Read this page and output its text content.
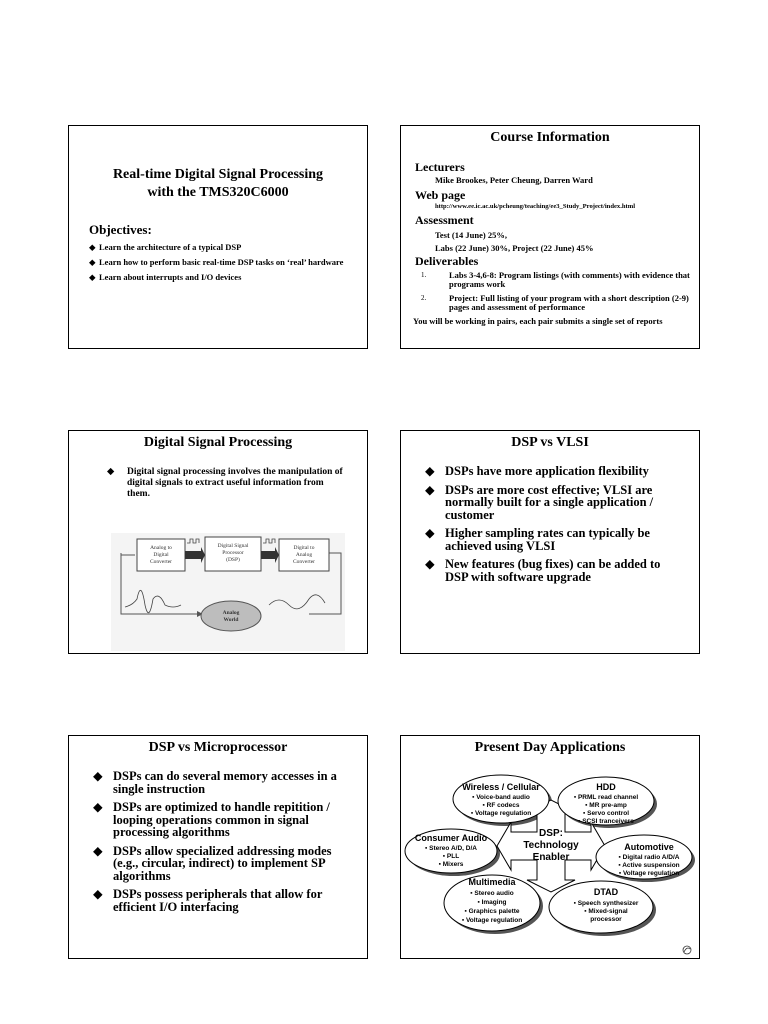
Real-time Digital Signal Processing
with the TMS320C6000
Objectives:
◆ Learn the architecture of a typical DSP
◆ Learn how to perform basic real-time DSP tasks on ‘real’ hardware
◆ Learn about interrupts and I/O devices
Course Information
Lecturers
Mike Brookes, Peter Cheung, Darren Ward
Web page
http://www.ee.ic.ac.uk/pcheung/teaching/ee3_Study_Project/index.html
Assessment
Test (14 June) 25%,
Labs (22 June) 30%, Project (22 June) 45%
Deliverables
1.	Labs 3-4,6-8: Program listings (with comments) with evidence that programs work
2.	Project: Full listing of your program with a short description (2-9) pages and assessment of performance
You will be working in pairs, each pair submits a single set of reports
Digital Signal Processing
◆ Digital signal processing involves the manipulation of digital signals to extract useful information from them.
Analog to
Digital
Converter
Digital Signal
Processor
(DSP)
Digital to
Analog
Converter
Analog
World
DSP vs VLSI
◆ DSPs have more application flexibility
◆ DSPs are more cost effective; VLSI are normally built for a single application / customer
◆ Higher sampling rates can typically be achieved using VLSI
◆ New features (bug fixes) can be added to DSP with software upgrade
DSP vs Microprocessor
◆ DSPs can do several memory accesses in a single instruction
◆ DSPs are optimized to handle repitition / looping operations common in signal processing algorithms
◆ DSPs allow specialized addressing modes (e.g., circular, indirect) to implement SP algorithms
◆ DSPs possess peripherals that allow for efficient I/O interfacing
Present Day Applications
DSP:
Technology
Enabler
Wireless / Cellular
▪ Voice-band audio
▪ RF codecs
▪ Voltage regulation
HDD
▪ PRML read channel
▪ MR pre-amp
▪ Servo control
▪ SCSI tranceivers
Consumer Audio
▪ Stereo A/D, D/A
▪ PLL
▪ Mixers
Automotive
▪ Digital radio A/D/A
▪ Active suspension
▪ Voltage regulation
Multimedia
▪ Stereo audio
▪ Imaging
▪ Graphics palette
▪ Voltage regulation
DTAD
▪ Speech synthesizer
▪ Mixed-signal
processor
